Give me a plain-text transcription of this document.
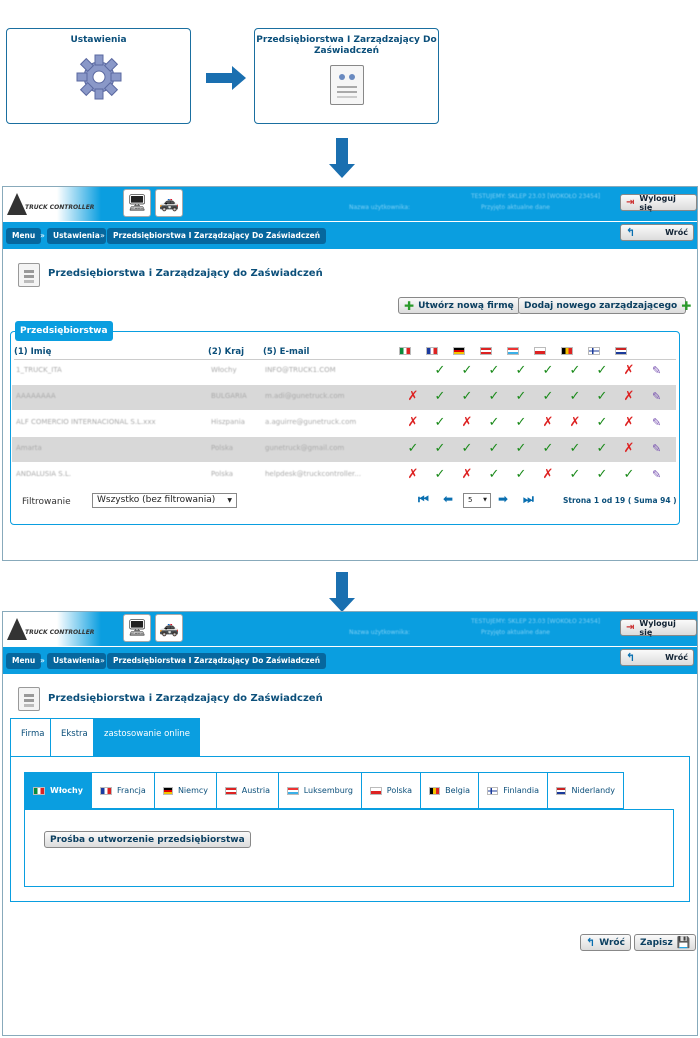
Ustawienia	Przedsiębiorstwa I Zarządzający Do Zaświadczeń
TRUCK CONTROLLER 🖥 🚓	TESTUJEMY: SKLEP 23.03 [WOKOŁO 23454]
Nazwa użytkownika:	Przyjęto aktualne dane	⇥ Wyloguj się
Menu »	Ustawienia »	Przedsiębiorstwa I Zarządzający Do Zaświadczeń	↰	Wróć
Przedsiębiorstwa i Zarządzający do Zaświadczeń
✚ Utwórz nową firmę Dodaj nowego zarządzającego ✚
Przedsiębiorstwa
(1) Imię	(2) Kraj (5) E-mail
1_TRUCK_ITA	Włochy	INFO@TRUCK1.COM	✓ ✓ ✓ ✓ ✓ ✓ ✓ ✗	✎
AAAAAAAA	BULGARIA	m.adi@gunetruck.com	✗ ✓ ✓ ✓ ✓ ✓ ✓ ✓ ✗	✎
ALF COMERCIO INTERNACIONAL S.L.xxx	Hiszpania	a.aguirre@gunetruck.com	✗ ✓ ✗ ✓ ✓ ✗ ✗ ✓ ✗	✎
Amarta	Polska	gunetruck@gmail.com	✓ ✓ ✓ ✓ ✓ ✓ ✓ ✓ ✗	✎
ANDALUSIA S.L.	Polska	helpdesk@truckcontroller...	✗ ✓ ✗ ✓ ✓ ✗ ✓ ✓ ✓	✎
Filtrowanie	Wszystko (bez filtrowania) ▼	⏮ ⬅	5 ▼ ➡ ⏭	Strona 1 od 19 ( Suma 94 )
TRUCK CONTROLLER 🖥 🚓	TESTUJEMY: SKLEP 23.03 [WOKOŁO 23454]
Nazwa użytkownika:	Przyjęto aktualne dane	⇥ Wyloguj się
Menu »	Ustawienia »	Przedsiębiorstwa I Zarządzający Do Zaświadczeń	↰	Wróć
Przedsiębiorstwa i Zarządzający do Zaświadczeń
Firma	Ekstra	zastosowanie online
Włochy	Francja	Niemcy	Austria	Luksemburg	Polska	Belgia	Finlandia	Niderlandy
Prośba o utworzenie przedsiębiorstwa
↰ Wróć Zapisz 💾
